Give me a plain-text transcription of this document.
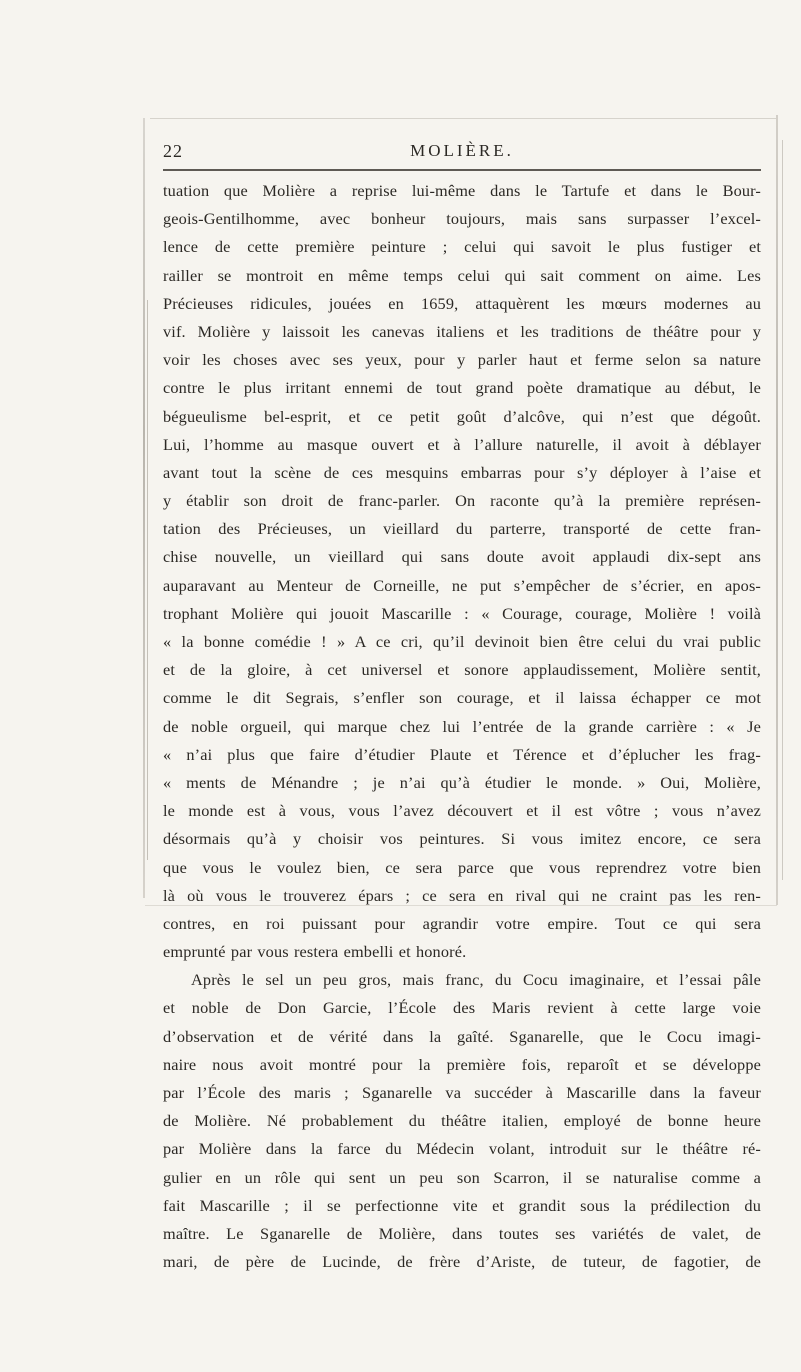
22	MOLIÈRE.
tuation que Molière a reprise lui-même dans le Tartufe et dans le Bour-
geois-Gentilhomme, avec bonheur toujours, mais sans surpasser l’excel-
lence de cette première peinture ; celui qui savoit le plus fustiger et
railler se montroit en même temps celui qui sait comment on aime. Les
Précieuses ridicules, jouées en 1659, attaquèrent les mœurs modernes au
vif. Molière y laissoit les canevas italiens et les traditions de théâtre pour y
voir les choses avec ses yeux, pour y parler haut et ferme selon sa nature
contre le plus irritant ennemi de tout grand poète dramatique au début, le
bégueulisme bel-esprit, et ce petit goût d’alcôve, qui n’est que dégoût.
Lui, l’homme au masque ouvert et à l’allure naturelle, il avoit à déblayer
avant tout la scène de ces mesquins embarras pour s’y déployer à l’aise et
y établir son droit de franc-parler. On raconte qu’à la première représen-
tation des Précieuses, un vieillard du parterre, transporté de cette fran-
chise nouvelle, un vieillard qui sans doute avoit applaudi dix-sept ans
auparavant au Menteur de Corneille, ne put s’empêcher de s’écrier, en apos-
trophant Molière qui jouoit Mascarille : « Courage, courage, Molière ! voilà
« la bonne comédie ! » A ce cri, qu’il devinoit bien être celui du vrai public
et de la gloire, à cet universel et sonore applaudissement, Molière sentit,
comme le dit Segrais, s’enfler son courage, et il laissa échapper ce mot
de noble orgueil, qui marque chez lui l’entrée de la grande carrière : « Je
« n’ai plus que faire d’étudier Plaute et Térence et d’éplucher les frag-
« ments de Ménandre ; je n’ai qu’à étudier le monde. » Oui, Molière,
le monde est à vous, vous l’avez découvert et il est vôtre ; vous n’avez
désormais qu’à y choisir vos peintures. Si vous imitez encore, ce sera
que vous le voulez bien, ce sera parce que vous reprendrez votre bien
là où vous le trouverez épars ; ce sera en rival qui ne craint pas les ren-
contres, en roi puissant pour agrandir votre empire. Tout ce qui sera
emprunté par vous restera embelli et honoré.
Après le sel un peu gros, mais franc, du Cocu imaginaire, et l’essai pâle
et noble de Don Garcie, l’École des Maris revient à cette large voie
d’observation et de vérité dans la gaîté. Sganarelle, que le Cocu imagi-
naire nous avoit montré pour la première fois, reparoît et se développe
par l’École des maris ; Sganarelle va succéder à Mascarille dans la faveur
de Molière. Né probablement du théâtre italien, employé de bonne heure
par Molière dans la farce du Médecin volant, introduit sur le théâtre ré-
gulier en un rôle qui sent un peu son Scarron, il se naturalise comme a
fait Mascarille ; il se perfectionne vite et grandit sous la prédilection du
maître. Le Sganarelle de Molière, dans toutes ses variétés de valet, de
mari, de père de Lucinde, de frère d’Ariste, de tuteur, de fagotier, de
